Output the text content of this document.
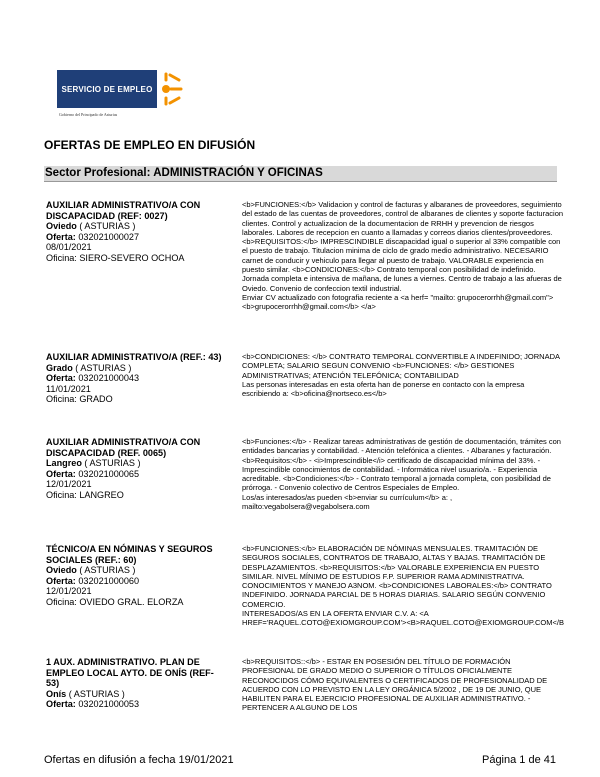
SERVICIO DE EMPLEO
Gobierno del Principado de Asturias
OFERTAS DE EMPLEO EN DIFUSIÓN
Sector Profesional: ADMINISTRACIÓN Y OFICINAS
AUXILIAR ADMINISTRATIVO/A CON DISCAPACIDAD (REF: 0027)
Oviedo ( ASTURIAS )
Oferta: 032021000027
08/01/2021
Oficina: SIERO-SEVERO OCHOA
<b>FUNCIONES:</b> Validacion y control de facturas y albaranes de proveedores, seguimiento del estado de las cuentas de proveedores, control de albaranes de clientes y soporte facturacion clientes. Control y actualizacion de la documentacion de RRHH y prevencion de riesgos laborales. Labores de recepcion en cuanto a llamadas y correos diarios clientes/proveedores. <b>REQUISITOS:</b> IMPRESCINDIBLE discapacidad igual o superior al 33% compatible con el puesto de trabajo. Titulacion minima de ciclo de grado medio administrativo. NECESARIO carnet de conducir y vehiculo para llegar al puesto de trabajo. VALORABLE experiencia en puesto similar. <b>CONDICIONES:</b> Contrato temporal con posibilidad de indefinido. Jornada completa e intensiva de mañana, de lunes a viernes. Centro de trabajo a las afueras de Oviedo. Convenio de confeccion textil industrial.
Enviar CV actualizado con fotografia reciente a <a herf= "mailto: grupocerorrhh@gmail.com"> <b>grupocerorrhh@gmail.com</b> </a>
AUXILIAR ADMINISTRATIVO/A (REF.: 43)
Grado ( ASTURIAS )
Oferta: 032021000043
11/01/2021
Oficina: GRADO
<b>CONDICIONES: </b> CONTRATO TEMPORAL CONVERTIBLE A INDEFINIDO; JORNADA COMPLETA; SALARIO SEGUN CONVENIO <b>FUNCIONES: </b> GESTIONES ADMINISTRATIVAS; ATENCIÓN TELEFÓNICA; CONTABILIDAD
Las personas interesadas en esta oferta han de ponerse en contacto con la empresa escribiendo a: <b>oficina@nortseco.es</b>
AUXILIAR ADMINISTRATIVO/A CON DISCAPACIDAD (REF. 0065)
Langreo ( ASTURIAS )
Oferta: 032021000065
12/01/2021
Oficina: LANGREO
<b>Funciones:</b> - Realizar tareas administrativas de gestión de documentación, trámites con entidades bancarias y contabilidad. - Atención telefónica a clientes. - Albaranes y facturación. <b>Requisitos:</b> - <i>Imprescindible</i> certificado de discapacidad mínima del 33%. - Imprescindible conocimientos de contabilidad. - Informática nivel usuario/a. - Experiencia acreditable. <b>Condiciones:</b> - Contrato temporal a jornada completa, con posibilidad de prórroga. - Convenio colectivo de Centros Especiales de Empleo.
Los/as interesados/as pueden <b>enviar su currículum</b> a: , mailto:vegabolsera@vegabolsera.com
TÉCNICO/A EN NÓMINAS Y SEGUROS SOCIALES (REF.: 60)
Oviedo ( ASTURIAS )
Oferta: 032021000060
12/01/2021
Oficina: OVIEDO GRAL. ELORZA
<b>FUNCIONES:</b> ELABORACIÓN DE NÓMINAS MENSUALES. TRAMITACIÓN DE SEGUROS SOCIALES, CONTRATOS DE TRABAJO, ALTAS Y BAJAS. TRAMITACIÓN DE DESPLAZAMIENTOS. <b>REQUISITOS:</b> VALORABLE EXPERIENCIA EN PUESTO SIMILAR. NIVEL MÍNIMO DE ESTUDIOS F.P. SUPERIOR RAMA ADMINISTRATIVA. CONOCIMIENTOS Y MANEJO A3NOM. <b>CONDICIONES LABORALES:</b> CONTRATO INDEFINIDO. JORNADA PARCIAL DE 5 HORAS DIARIAS. SALARIO SEGÚN CONVENIO COMERCIO.
INTERESADOS/AS EN LA OFERTA ENVIAR C.V. A: <A HREF='RAQUEL.COTO@EXIOMGROUP.COM'><B>RAQUEL.COTO@EXIOMGROUP.COM</B
1 AUX. ADMINISTRATIVO. PLAN DE EMPLEO LOCAL AYTO. DE ONÍS (REF-53)
Onís ( ASTURIAS )
Oferta: 032021000053
<b>REQUISITOS::</b> - ESTAR EN POSESIÓN DEL TÍTULO DE FORMACIÓN PROFESIONAL DE GRADO MEDIO O SUPERIOR O TÍTULOS OFICIALMENTE RECONOCIDOS CÓMO EQUIVALENTES O CERTIFICADOS DE PROFESIONALIDAD DE ACUERDO CON LO PREVISTO EN LA LEY ORGÁNICA 5/2002 , DE 19 DE JUNIO, QUE HABILITEN PARA EL EJERCICIO PROFESIONAL DE AUXILIAR ADMINISTRATIVO. - PERTENCER A ALGUNO DE LOS
Ofertas en difusión a fecha 19/01/2021	Página 1 de 41
